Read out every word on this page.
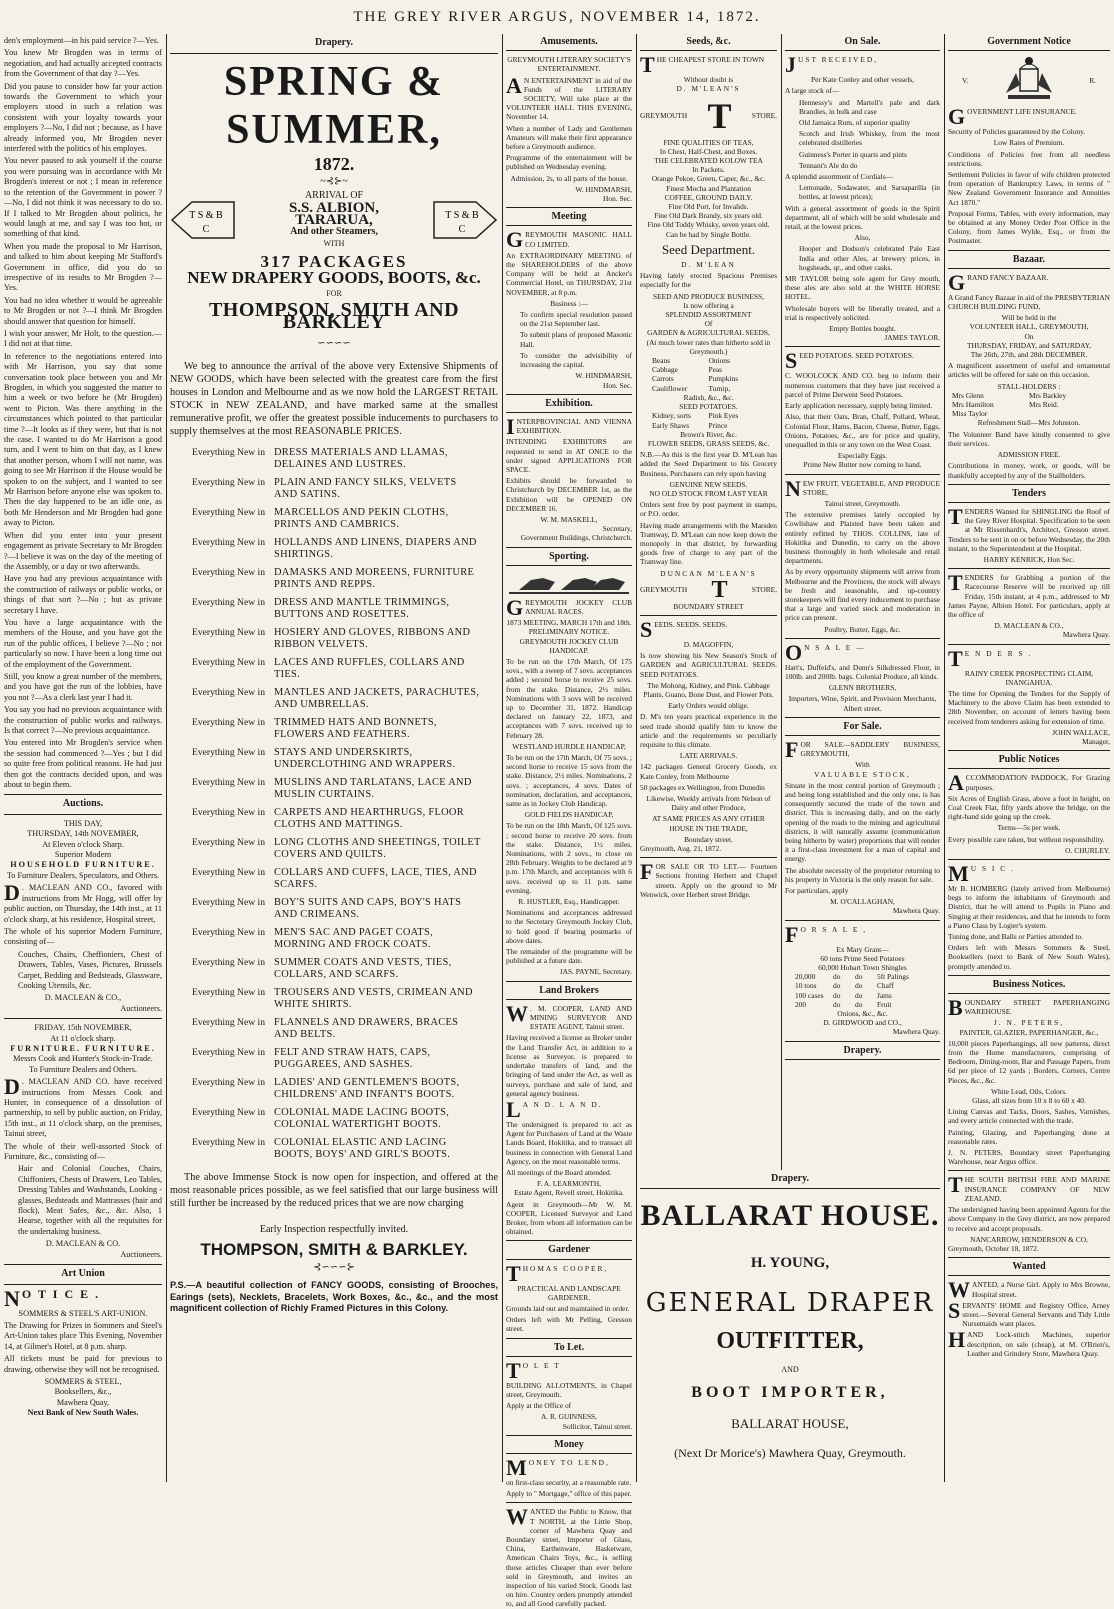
THE GREY RIVER ARGUS, NOVEMBER 14, 1872.

den's employment—in his paid service ?—Yes.

You knew Mr Brogden was in terms of negotiation, and had actually accepted contracts from the Government of that day ?—Yes.

Did you pause to consider how far your action towards the Government to which your employers stood in such a relation was consistent with your loyalty towards your employers ?—No, I did not ; because, as I have already informed you, Mr Brogden never interfered with the politics of his employes.

You never paused to ask yourself if the course you were pursuing was in accordance with Mr Brogden's interest or not ; I mean in reference to the retention of the Government in power ?—No, I did not think it was necessary to do so. If I talked to Mr Brogden about politics, he would laugh at me, and say I was too hot, or something of that kind.

When you made the proposal to Mr Harrison, and talked to him about keeping Mr Stafford's Government in office, did you do so irrespective of its results to Mr Brogden ?—Yes.

You had no idea whether it would be agreeable to Mr Brogden or not ?—I think Mr Brogden should answer that question for himself.

I wish your answer, Mr Holt, to the question.—I did not at that time.

In reference to the negotiations entered into with Mr Harrison, you say that some conversation took place between you and Mr Brogden, in which you suggested the matter to him a week or two before he (Mr Brogden) went to Picton. Was there anything in the circumstances which pointed to that particular time ?—It looks as if they were, but that is not the case. I wanted to do Mr Harrison a good turn, and I went to him on that day, as I knew that another person, whom I will not name, was going to see Mr Harrison if the House would be spoken to on the subject, and I wanted to see Mr Harrison before anyone else was spoken to. Then the day happened to be an idle one, as both Mr Henderson and Mr Brogden had gone away to Picton.

When did you enter into your present engagement as private Secretary to Mr Brogden ?—I believe it was on the day of the meeting of the Assembly, or a day or two afterwards.

Have you had any previous acquaintance with the construction of railways or public works, or things of that sort ?—No ; but as private secretary I have.

You have a large acquaintance with the members of the House, and you have got the run of the public offices, I believe ?—No ; not particularly so now. I have been a long time out of the employment of the Government.

Still, you know a great number of the members, and you have got the run of the lobbies, have you not ?—As a clerk last year I had it.

You say you had no previous acquaintance with the construction of public works and railways. Is that correct ?—No previous acquaintance.

You entered into Mr Brogden's service when the session had commenced ?—Yes ; but I did so quite free from political reasons. He had just then got the contracts decided upon, and was about to begin them.

Auctions.
THIS DAY,
THURSDAY, 14th NOVEMBER,
At Eleven o'clock Sharp.
Superior Modern
HOUSEHOLD FURNITURE.
To Furniture Dealers, Speculators, and Others.

D . MACLEAN AND CO., favored with instructions from Mr Hogg, will offer by public auction, on Thursday, the 14th inst., at 11 o'clock sharp, at his residence, Hospital street,

The whole of his superior Modern Furniture, consisting of—

Couches, Chairs, Cheffioniers, Chest of Drawers, Tables, Vases, Pictures, Brussels Carpet, Bedding and Bedsteads, Glassware, Cooking Utensils, &c.

D. MACLEAN & CO.,
Auctioneers.
FRIDAY, 15th NOVEMBER,
At 11 o'clock sharp.
FURNITURE. FURNITURE.
Messrs Cook and Hunter's Stock-in-Trade.
To Furniture Dealers and Others.

D . MACLEAN AND CO. have received instructions from Messrs Cook and Hunter, in consequence of a dissolution of partnership, to sell by public auction, on Friday, 15th inst., at 11 o'clock sharp, on the premises, Tainui street,

The whole of their well-assorted Stock of Furniture, &c., consisting of—

Hair and Colonial Couches, Chairs, Chiffoniers, Chests of Drawers, Leo Tables, Dressing Tables and Washstands, Looking - glasses, Bedsteads and Mattrasses (hair and flock), Meat Safes, &c., &c. Also, 1 Hearse, together with all the requisites for the undertaking business.

D. MACLEAN & CO.
Auctioneers.
Art Union
N O T I C E .
SOMMERS & STEEL'S ART-UNION.

The Drawing for Prizes in Sommers and Steel's Art-Union takes place This Evening, November 14, at Gilmer's Hotel, at 8 p.m. sharp.

All tickets must be paid for previous to drawing, otherwise they will not be recognised.

SOMMERS & STEEL,
Booksellers, &c.,
Mawhera Quay,
Next Bank of New South Wales.
Drapery.
SPRING & SUMMER,
1872.
~⊰⊱~
T S & B
C
ARRIVAL OF
S.S. ALBION,
TARARUA,
And other Steamers,
WITH
T S & B
C
317 PACKAGES
NEW DRAPERY GOODS, BOOTS, &c.
FOR
THOMPSON, SMITH AND BARKLEY
∽∽∽∽

We beg to announce the arrival of the above very Extensive Shipments of NEW GOODS, which have been selected with the greatest care from the first houses in London and Melbourne and as we now hold the LARGEST RETAIL STOCK in NEW ZEALAND, and have marked same at the smallest remunerative profit, we offer the greatest possible inducements to purchasers to supply themselves at the most REASONABLE PRICES.

Everything New in DRESS MATERIALS AND LLAMAS, DELAINES AND LUSTRES.
Everything New in PLAIN AND FANCY SILKS, VELVETS AND SATINS.
Everything New in MARCELLOS AND PEKIN CLOTHS, PRINTS AND CAMBRICS.
Everything New in HOLLANDS AND LINENS, DIAPERS AND SHIRTINGS.
Everything New in DAMASKS AND MOREENS, FURNITURE PRINTS AND REPPS.
Everything New in DRESS AND MANTLE TRIMMINGS, BUTTONS AND ROSETTES.
Everything New in HOSIERY AND GLOVES, RIBBONS AND RIBBON VELVETS.
Everything New in LACES AND RUFFLES, COLLARS AND TIES.
Everything New in MANTLES AND JACKETS, PARACHUTES, AND UMBRELLAS.
Everything New in TRIMMED HATS AND BONNETS, FLOWERS AND FEATHERS.
Everything New in STAYS AND UNDERSKIRTS, UNDERCLOTHING AND WRAPPERS.
Everything New in MUSLINS AND TARLATANS, LACE AND MUSLIN CURTAINS.
Everything New in CARPETS AND HEARTHRUGS, FLOOR CLOTHS AND MATTINGS.
Everything New in LONG CLOTHS AND SHEETINGS, TOILET COVERS AND QUILTS.
Everything New in COLLARS AND CUFFS, LACE, TIES, AND SCARFS.
Everything New in BOY'S SUITS AND CAPS, BOY'S HATS AND CRIMEANS.
Everything New in MEN'S SAC AND PAGET COATS, MORNING AND FROCK COATS.
Everything New in SUMMER COATS AND VESTS, TIES, COLLARS, AND SCARFS.
Everything New in TROUSERS AND VESTS, CRIMEAN AND WHITE SHIRTS.
Everything New in FLANNELS AND DRAWERS, BRACES AND BELTS.
Everything New in FELT AND STRAW HATS, CAPS, PUGGAREES, AND SASHES.
Everything New in LADIES' AND GENTLEMEN'S BOOTS, CHILDRENS' AND INFANT'S BOOTS.
Everything New in COLONIAL MADE LACING BOOTS, COLONIAL WATERTIGHT BOOTS.
Everything New in COLONIAL ELASTIC AND LACING BOOTS, BOYS' AND GIRL'S BOOTS.

The above Immense Stock is now open for inspection, and offered at the most reasonable prices possible, as we feel satisfied that our large business will still further be increased by the reduced prices that we are now charging

Early Inspection respectfully invited.
THOMPSON, SMITH & BARKLEY.
⊰∽∽∽⊱

P.S.—A beautiful collection of FANCY GOODS, consisting of Brooches, Earings (sets), Necklets, Bracelets, Work Boxes, &c., &c., and the most magnificent collection of Richly Framed Pictures in this Colony.

Amusements.
GREYMOUTH LITERARY SOCIETY'S ENTERTAINMENT.

A N ENTERTAINMENT in aid of the Funds of the LITERARY SOCIETY, Will take place at the VOLUNTEER HALL THIS EVENING, November 14.

When a number of Lady and Gentlemen Amateurs will make their first appearance before a Greymouth audience.

Programme of the entertainment will be published on Wednesday evening.

Admission, 2s, to all parts of the house.

W. HINDMARSH,
Hon. Sec.
Meeting

GREYMOUTH MASONIC HALL CO LIMITED.

An EXTRAORDINARY MEETING of the SHAREHOLDERS of the above Company will be held at Ancker's Commercial Hotel, on THURSDAY, 21st NOVEMBER, at 8 p.m.

Business :—

To confirm special resolution passed on the 21st September last.

To submit plans of proposed Masonic Hall.

To consider the advisibility of increasing the capital.

W. HINDMARSH,
Hon. Sec.
Exhibition.

INTERPROVINCIAL AND VIENNA EXHIBITION.

INTENDING EXHIBITORS are requested to send in AT ONCE to the under signed APPLICATIONS FOR SPACE.

Exhibits should be forwarded to Christchurch by DECEMBER 1st, as the Exhibition will be OPENED ON DECEMBER 16.

W. M. MASKELL,
Secretary,
Government Buildings, Christchurch.
Sporting.

GREYMOUTH JOCKEY CLUB ANNUAL RACES.

1873 MEETING, MARCH 17th and 18th.
PRELIMINARY NOTICE.
GREYMOUTH JOCKEY CLUB HANDICAP.

To be run on the 17th March, Of 175 sovs., with a sweep of 7 sovs. acceptances added ; second horse to receive 25 sovs. from the stake. Distance, 2½ miles. Nominations with 3 sovs will be received up to December 31, 1872. Handicap declared on January 22, 1873, and acceptances with 7 sovs. received up to February 28.

WESTLAND HURDLE HANDICAP,

To be run on the 17th March, Of 75 sovs. ; second horse to receive 15 sovs from the stake. Distance, 2½ miles. Nominations, 2 sovs. ; acceptances, 4 sovs. Dates of nomination, declaration, and acceptances, same as in Jockey Club Handicap.

GOLD FIELDS HANDICAP,

To be run on the 18th March, Of 125 sovs. ; second horse to receive 20 sovs. from the stake. Distance, 1½ miles. Nominations, with 2 sovs., to close on 28th February. Weights to be declared at 9 p.m. 17th March, and acceptances with 6 sovs. received up to 11 p.m. same evening.

R. HUSTLER, Esq., Handicapper.

Nominations and acceptances addressed to the Secretary Greymouth Jockey Club, to hold good if bearing postmarks of above dates.

The remainder of the programme will be published at a future date.

JAS. PAYNE, Secretary.
Land Brokers

W . M. COOPER, LAND AND MINING SURVEYOR AND ESTATE AGENT, Tainui street.

Having received a license as Broker under the Land Transfer Act, in addition to a license as Surveyor, is prepared to undertake transfers of land, and the bringing of land under the Act, as well as surveys, purchase and sale of land, and general agency business.

L A N D. L A N D.

The undersigned is prepared to act as Agent for Purchasers of Land at the Waste Lands Board, Hokitika, and to transact all business in connection with General Land Agency, on the most reasonable terms.

All meetings of the Board attended.

F. A. LEARMONTH,
Estate Agent, Revell street, Hokitika.

Agent in Greymouth—Mr W. M. COOPER, Licensed Surveyor and Land Broker, from whom all information can be obtained.

Gardener

THOMAS COOPER,

PRACTICAL AND LANDSCAPE GARDENER.

Grounds laid out and maintained in order.

Orders left with Mr Pelling, Gresson street.

To Let.

T O L E T

BUILDING ALLOTMENTS, in Chapel street, Greymouth.

Apply at the Office of

A. R. GUINNESS,
Sollicitor, Tainui street.
Money

MONEY TO LEND,

on first-class security, at a reasonable rate.

Apply to " Mortgage," office of this paper.

WANTED the Public to Know, that T NORTH, at the Little Shop, corner of Mawhera Quay and Boundary street, Importer of Glass, China, Earthenware, Basketware, American Chairs Toys, &c., is selling those articles Cheaper than ever before sold in Greymouth, and invites an inspection of his varied Stock. Goods last on hire. Country orders promptly attended to, and all Good carefully packed.

Seeds, &c.

THE CHEAPEST STORE IN TOWN

Without doubt is
D. M'LEAN'S
GREYMOUTH T	STORE.
FINE QUALITIES OF TEAS,
In Chest, Half-Chest, and Boxes.
THE CELEBRATED KOLOW TEA
In Packets.
Orange Pekoe, Green, Caper, &c., &c.
Finest Mocha and Plantation
COFFEE, GROUND DAILY.
Fine Old Port, for Invalids.
Fine Old Dark Brandy, six years old.
Fine Old Toddy Whisky, seven years old.
Can be had by Single Bottle.
Seed Department.
D. M'LEAN

Having lately erected Spacious Premises especially for the

SEED AND PRODUCE BUSINESS,
Is now offering a
SPLENDID ASSORTMENT
Of
GARDEN & AGRICULTURAL SEEDS,
(At much lower rates than hitherto sold in Greymouth.)
Beans	Onions
Cabbage	Peas
Carrots	Pumpkins
Cauliflower	Turnip,
Radish, &c., &c.
SEED POTATOES.
Kidney, sorts	Pink Eyes
Early Shaws	Prince
Brown's River, &c.
FLOWER SEEDS, GRASS SEEDS, &c.

N.B.—As this is the first year D. M'Lean has added the Seed Department to his Grocery Business, Purchasers can rely upon having

GENUINE NEW SEEDS.
NO OLD STOCK FROM LAST YEAR

Orders sent free by post payment in stamps, or P.O. order.

Having made arrangements with the Marsden Tramway, D. M'Lean can now keep down the monopoly in that district, by forwarding goods free of charge to any part of the Tramway line.

DUNCAN M'LEAN'S
GREYMOUTH T	STORE,
BOUNDARY STREET

SEEDS. SEEDS. SEEDS.

D. MAGOFFIN,

Is now showing his New Season's Stock of GARDEN and AGRICULTURAL SEEDS. SEED POTATOES.

The Mohong, Kidney, and Pink. Cabbage Plants, Guano, Bone Dust, and Flower Pots.

Early Orders would oblige.

D. M's ten years practical experience in the seed trade should qualify him to know the article and the requirements so peculiarly requisite to this climate.

LATE ARRIVALS.

142 packages General Grocery Goods, ex Kate Conley, from Melbourne

50 packages ex Wellington, from Dunedin

Likewise, Weekly arrivals from Nelson of Dairy and other Produce,

AT SAME PRICES AS ANY OTHER HOUSE IN THE TRADE,

Boundary street.
Greymouth, Aug. 21, 1872.

FOR SALE OR TO LET.— Fourteen Sections fronting Herbert and Chapel streets. Apply on the ground to Mr Wenwick, over Herbert street Bridge.

On Sale.

JUST RECEIVED,

Per Kate Conley and other vessels,

A large stock of—

Hennessy's and Martell's pale and dark Brandies, in bulk and case

Old Jamaica Rum, of superior quality

Scotch and Irish Whiskey, from the most celebrated distilleries

Guinness's Porter in quarts and pints

Tennant's Ale do do

A splendid assortment of Cordials—

Lemonade, Sodawater, and Sarsaparilla (in bottles, at lowest prices);

With a general assortment of goods in the Spirit department, all of which will be sold wholesale and retail, at the lowest prices.

Also,

Hooper and Dodson's celebrated Pale East India and other Ales, at brewery prices, in hogsheads, qr., and other casks.

MR TAYLOR being sole agent for Grey mouth, these ales are also sold at the WHITE HORSE HOTEL.

Wholesale buyers will be liberally treated, and a trial is respectively solicited.

Empty Bottles bought.
JAMES TAYLOR.

SEED POTATOES. SEED POTATOES.

C. WOOLCOCK AND CO. beg to inform their numerous customers that they have just received a parcel of Prime Derwent Seed Potatoes.

Early application necessary, supply being limited.

Also, that their Oats, Bran, Chaff, Pollard, Wheat, Colonial Flour, Hams, Bacon, Cheese, Butter, Eggs, Onions, Potatoes, &c., are for price and quality, unequalled in this or any town on the West Coast.

Especially Eggs.
Prime New Butter now coming to hand.

NEW FRUIT, VEGETABLE, AND PRODUCE STORE,

Tainui street, Greymouth.

The extensive premises lately occupied by Cowlishaw and Plaisted have been taken and entirely refitted by THOS. COLLINS, late of Hokitika and Dunedin, to carry on the above business thoroughly in both wholesale and retail departments.

As by every opportunity shipments will arrive from Melbourne and the Provinces, the stock will always be fresh and seasonable, and up-country storekeepers will find every inducement to purchase that a large and varied stock and moderation in price can present.

Poultry, Butter, Eggs, &c.

O N S A L E —

Hart's, Duffeld's, and Dunn's Silkdressed Flour, in 100lb. and 200lb. bags. Colonial Produce, all kinds.

GLENN BROTHERS,

Importers, Wine, Spirit, and Provision Merchants, Albert street.

For Sale.

FOR SALE—SADDLERY BUSINESS, GREYMOUTH,

With
VALUABLE STOCK,

Situate in the most central portion of Greymouth ; and being long established and the only one, is has consequently secured the trade of the town and district. This is increasing daily, and on the early opening of the roads to the mining and agricultural districts, it will naturally assume (communication being hitherto by water) proportions that will render it a first-class investment for a man of capital and energy.

The absolute necessity of the proprietor returning to his property in Victoria is the only reason for sale.

For particulars, apply

M. O'CALLAGHAN,
Mawhera Quay.

F O R S A L E ,

Ex Mary Grant—
60 tons Prime Seed Potatoes
60,000 Hobart Town Shingles
20,000	do	do	5ft Palings
10 tons	do	do	Chaff
100 cases	do	do	Jams
200	do	do	Fruit
Onions, &c., &c.
D. GIRDWOOD and CO.,
Mawhera Quay.
Drapery.
Drapery.
BALLARAT HOUSE.
H. YOUNG,
GENERAL DRAPER
OUTFITTER,
AND
BOOT IMPORTER,
BALLARAT HOUSE,
(Next Dr Morice's) Mawhera Quay, Greymouth.
Government Notice
V.	R.

GOVERNMENT LIFE INSURANCE.

Security of Policies guaranteed by the Colony.

Low Rates of Premium.

Conditions of Policies free from all needless restrictions.

Settlement Policies in favor of wife children protected from operation of Bankruptcy Laws, in terms of " New Zealand Government Insurance and Annuities Act 1870."

Proposal Forms, Tables, with every information, may be obtained at any Money Order Post Office in the Colony, from James Wylde, Esq., or from the Postmaster.

Bazaar.

GRAND FANCY BAZAAR.

A Grand Fancy Bazaar in aid of the PRESBYTERIAN CHURCH BUILDING FUND,

Will be held in the
VOLUNTEER HALL, GREYMOUTH,
On
THURSDAY, FRIDAY, and SATURDAY,
The 26th, 27th, and 28th DECEMBER.

A magnificent assortment of useful and ornamental articles will be offered for sale on this occasion.

STALL-HOLDERS :
Mrs Glenn	Mrs Barkley
Mrs Hamilton	Mrs Reid.
Miss Taylor
Refreshment Stall—Mrs Johnston.

The Volunteer Band have kindly consented to give their services.

ADMISSION FREE.

Contributions in money, work, or goods, will be thankfully accepted by any of the Stallholders.

Tenders

TENDERS Wanted for SHINGLING the Roof of the Grey River Hospital. Specification to be seen at Mr Rissenhardt's, Architect, Gresson street. Tenders to be sent in on or before Wednesday, the 20th instant, to the Superintendent at the Hospital.

HARRY KENRICK, Hon Sec.

TENDERS for Grabbing a portion of the Racecourse Reserve will be received up till Friday, 15th instant, at 4 p.m., addressed to Mr James Payne, Albion Hotel. For particulars, apply at the office of

D. MACLEAN & CO.,
Mawhera Quay.

T E N D E R S .

RAINY CREEK PROSPECTING CLAIM, INANGAHUA.

The time for Opening the Tenders for the Supply of Machinery to the above Claim has been extended to 28th November, on account of letters having been received from tenderers asking for extension of time.

JOHN WALLACE,
Manager,
Public Notices

ACCOMMODATION PADDOCK, For Grazing purposes.

Six Acres of English Grass, above a foot in height, on Coal Creek Flat, fifty yards above the bridge, on the right-hand side going up the creek.

Terms—5s per week.

Every possible care taken, but without responsibility.

O. CHURLEY.

M U S I C .

Mr B. HOMBERG (lately arrived from Melbourne) begs to inform the inhabitants of Greymouth and District, that he will attend to Pupils in Piano and Singing at their residences, and that he intends to form a Piano Class by Logier's system.

Tuning done, and Balls or Parties attended to.

Orders left with Messrs Sommers & Steel, Booksellers (next to Bank of New South Wales), promptly attended to.

Business Notices.

BOUNDARY STREET PAPERHANGING WAREHOUSE.

J. N. PETERS,
PAINTER, GLAZIER, PAPERHANGER, &c.,

10,000 pieces Paperhangings, all new patterns, direct from the Home manufacturers, comprising of Bedroom, Dining-room, Bar and Passage Papers, from 6d per piece of 12 yards ; Borders, Corners, Centre Pieces, &c., &c.

White Lead, Oils, Colors.
Glass, all sizes from 10 x 8 to 60 x 40.

Lining Canvas and Tacks, Doors, Sashes, Varnishes, and every article connected with the trade.

Painting, Glazing, and Paperhanging done at reasonable rates.

J. N. PETERS, Boundary street Paperhanging Warehouse, near Argus office.

THE SOUTH BRITISH FIRE AND MARINE INSURANCE COMPANY OF NEW ZEALAND.

The undersigned having been appointed Agents for the above Company in the Grey district, are now prepared to receive and accept proposals.

NANCARROW, HENDERSON & CO,
Greymouth, October 18, 1872.
Wanted

WANTED, a Nurse Girl. Apply to Mrs Browne, Hospital street.

SERVANTS' HOME and Registry Office, Arney street.—Several General Servants and Tidy Little Nursemaids want places.

HAND Lock-stitch Machines, superior description, on sale (cheap), at M. O'Brien's, Leather and Grindery Store, Mawhera Quay.
